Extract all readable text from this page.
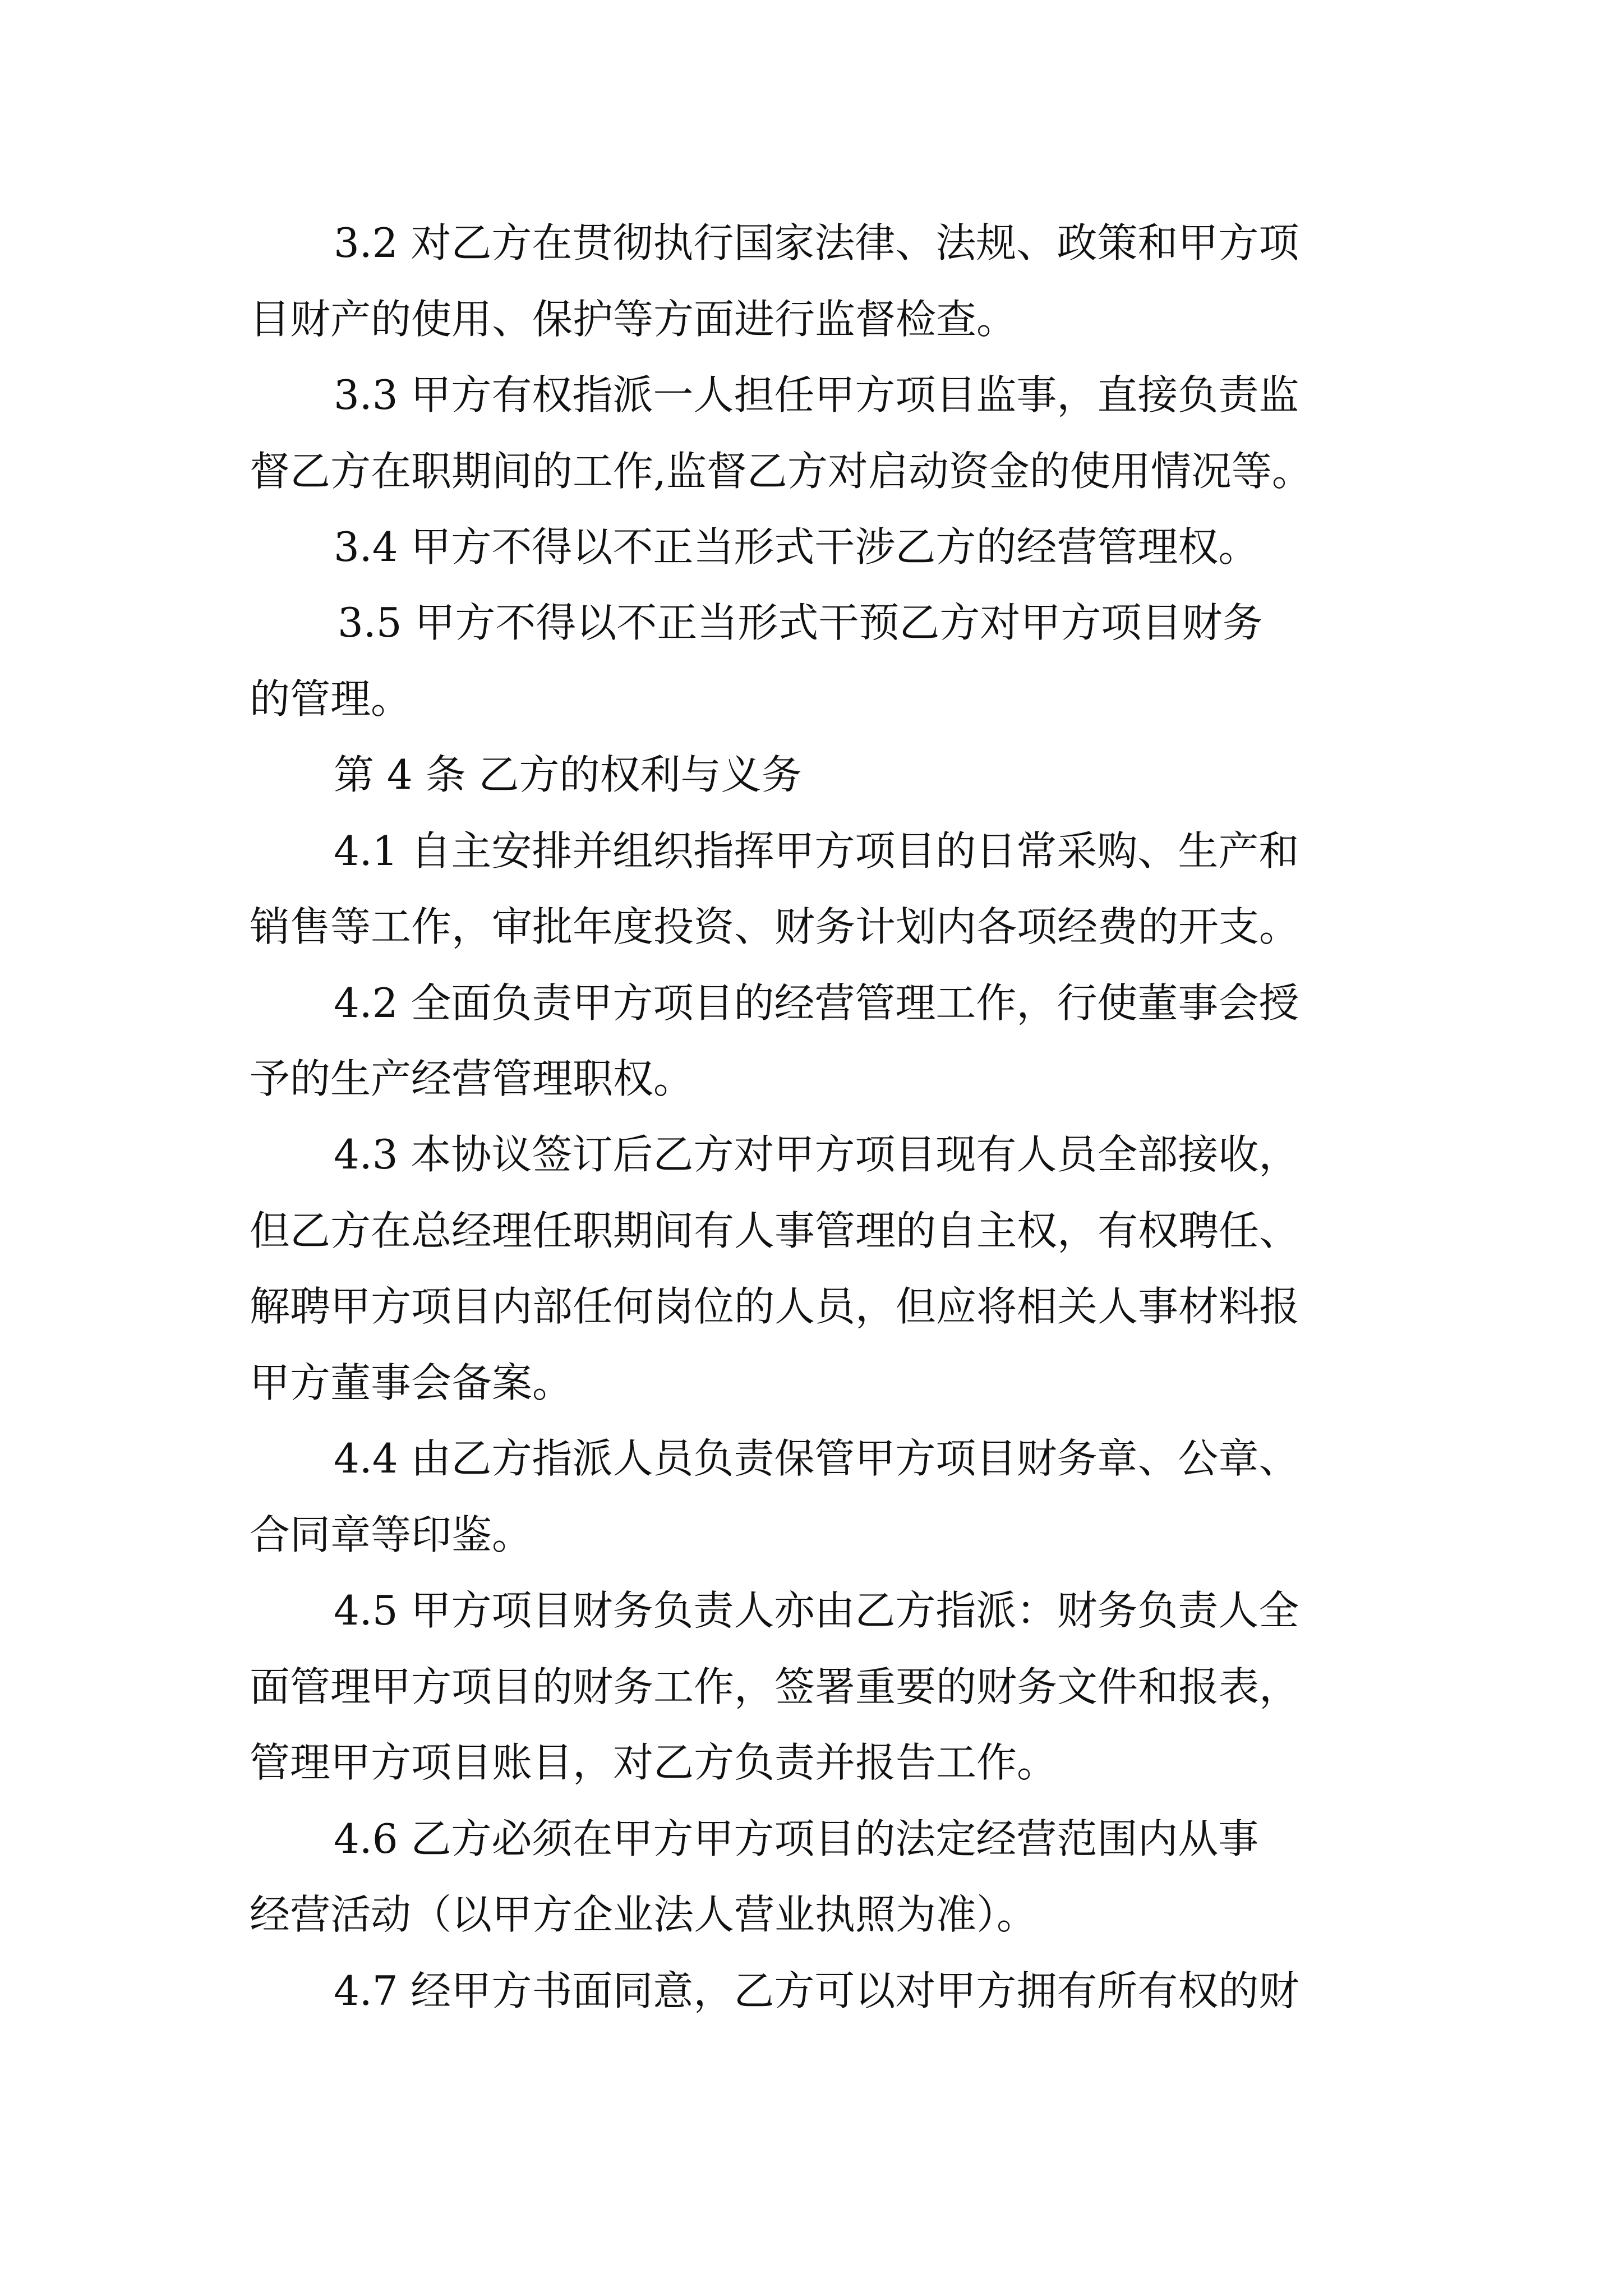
3.2 对乙方在贯彻执行国家法律、法规、政策和甲方项
目财产的使用、保护等方面进行监督检查。
3.3 甲方有权指派一人担任甲方项目监事，直接负责监
督乙方在职期间的工作,监督乙方对启动资金的使用情况等。
3.4 甲方不得以不正当形式干涉乙方的经营管理权。
3.5 甲方不得以不正当形式干预乙方对甲方项目财务
的管理。
第 4 条 乙方的权利与义务
4.1 自主安排并组织指挥甲方项目的日常采购、生产和
销售等工作，审批年度投资、财务计划内各项经费的开支。
4.2 全面负责甲方项目的经营管理工作，行使董事会授
予的生产经营管理职权。
4.3 本协议签订后乙方对甲方项目现有人员全部接收，
但乙方在总经理任职期间有人事管理的自主权，有权聘任、
解聘甲方项目内部任何岗位的人员，但应将相关人事材料报
甲方董事会备案。
4.4 由乙方指派人员负责保管甲方项目财务章、公章、
合同章等印鉴。
4.5 甲方项目财务负责人亦由乙方指派：财务负责人全
面管理甲方项目的财务工作，签署重要的财务文件和报表，
管理甲方项目账目，对乙方负责并报告工作。
4.6 乙方必须在甲方甲方项目的法定经营范围内从事
经营活动（以甲方企业法人营业执照为准）。
4.7 经甲方书面同意，乙方可以对甲方拥有所有权的财
